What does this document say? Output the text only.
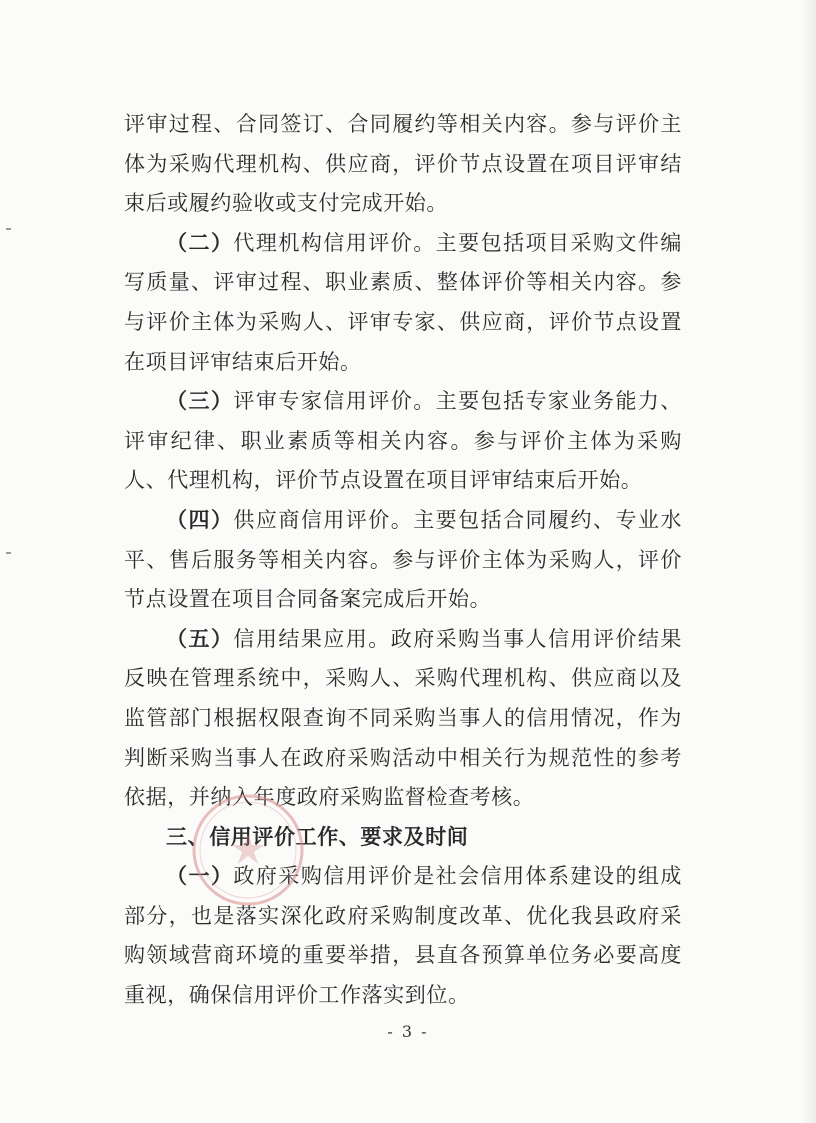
评审过程、合同签订、合同履约等相关内容。参与评价主体为采购代理机构、供应商，评价节点设置在项目评审结束后或履约验收或支付完成开始。

（二）代理机构信用评价。主要包括项目采购文件编写质量、评审过程、职业素质、整体评价等相关内容。参与评价主体为采购人、评审专家、供应商，评价节点设置在项目评审结束后开始。

（三）评审专家信用评价。主要包括专家业务能力、评审纪律、职业素质等相关内容。参与评价主体为采购人、代理机构，评价节点设置在项目评审结束后开始。

（四）供应商信用评价。主要包括合同履约、专业水平、售后服务等相关内容。参与评价主体为采购人，评价节点设置在项目合同备案完成后开始。

（五）信用结果应用。政府采购当事人信用评价结果反映在管理系统中，采购人、采购代理机构、供应商以及监管部门根据权限查询不同采购当事人的信用情况，作为判断采购当事人在政府采购活动中相关行为规范性的参考依据，并纳入年度政府采购监督检查考核。

三、信用评价工作、要求及时间

（一）政府采购信用评价是社会信用体系建设的组成部分，也是落实深化政府采购制度改革、优化我县政府采购领域营商环境的重要举措，县直各预算单位务必要高度重视，确保信用评价工作落实到位。

- 3 -
